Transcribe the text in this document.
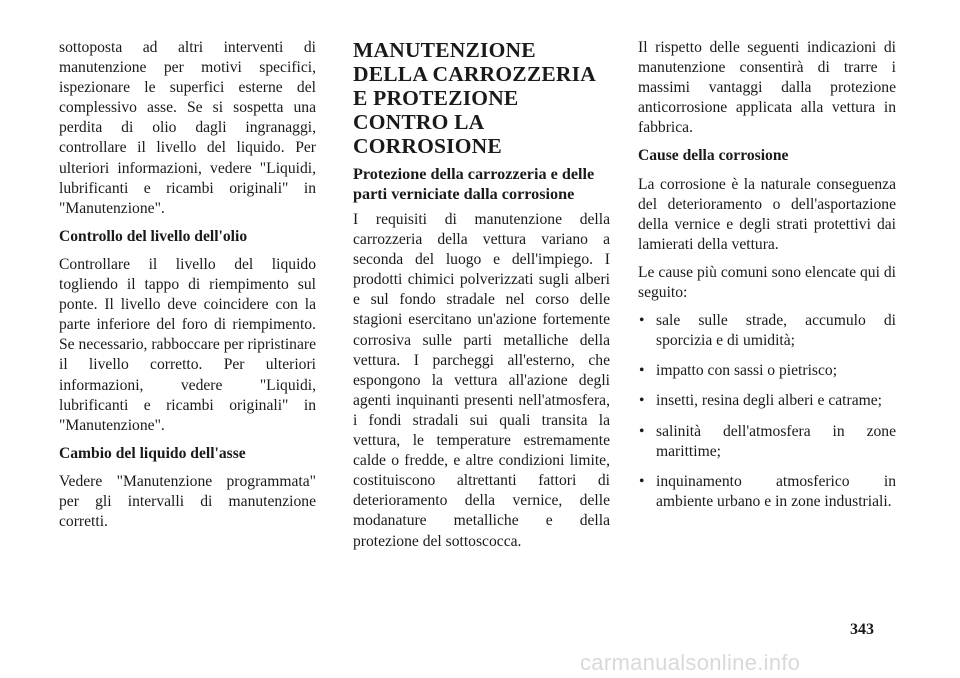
sottoposta ad altri interventi di manutenzione per motivi specifici, ispezionare le superfici esterne del complessivo asse. Se si sospetta una perdita di olio dagli ingranaggi, controllare il livello del liquido. Per ulteriori informazioni, vedere "Liquidi, lubrificanti e ricambi originali" in "Manutenzione".

Controllo del livello dell'olio

Controllare il livello del liquido togliendo il tappo di riempimento sul ponte. Il livello deve coincidere con la parte inferiore del foro di riempimento. Se necessario, rabboccare per ripristinare il livello corretto. Per ulteriori informazioni, vedere "Liquidi, lubrificanti e ricambi originali" in "Manutenzione".

Cambio del liquido dell'asse

Vedere "Manutenzione programmata" per gli intervalli di manutenzione corretti.

MANUTENZIONE DELLA CARROZZERIA E PROTEZIONE CONTRO LA CORROSIONE
Protezione della carrozzeria e delle parti verniciate dalla corrosione

I requisiti di manutenzione della carrozzeria della vettura variano a seconda del luogo e dell'impiego. I prodotti chimici polverizzati sugli alberi e sul fondo stradale nel corso delle stagioni esercitano un'azione fortemente corrosiva sulle parti metalliche della vettura. I parcheggi all'esterno, che espongono la vettura all'azione degli agenti inquinanti presenti nell'atmosfera, i fondi stradali sui quali transita la vettura, le temperature estremamente calde o fredde, e altre condizioni limite, costituiscono altrettanti fattori di deterioramento della vernice, delle modanature metalliche e della protezione del sottoscocca.

Il rispetto delle seguenti indicazioni di manutenzione consentirà di trarre i massimi vantaggi dalla protezione anticorrosione applicata alla vettura in fabbrica.

Cause della corrosione

La corrosione è la naturale conseguenza del deterioramento o dell'asportazione della vernice e degli strati protettivi dai lamierati della vettura.

Le cause più comuni sono elencate qui di seguito:

• sale sulle strade, accumulo di sporcizia e di umidità;
• impatto con sassi o pietrisco;
• insetti, resina degli alberi e catrame;
• salinità dell'atmosfera in zone marittime;
• inquinamento atmosferico in ambiente urbano e in zone industriali.
343
carmanualsonline.info
